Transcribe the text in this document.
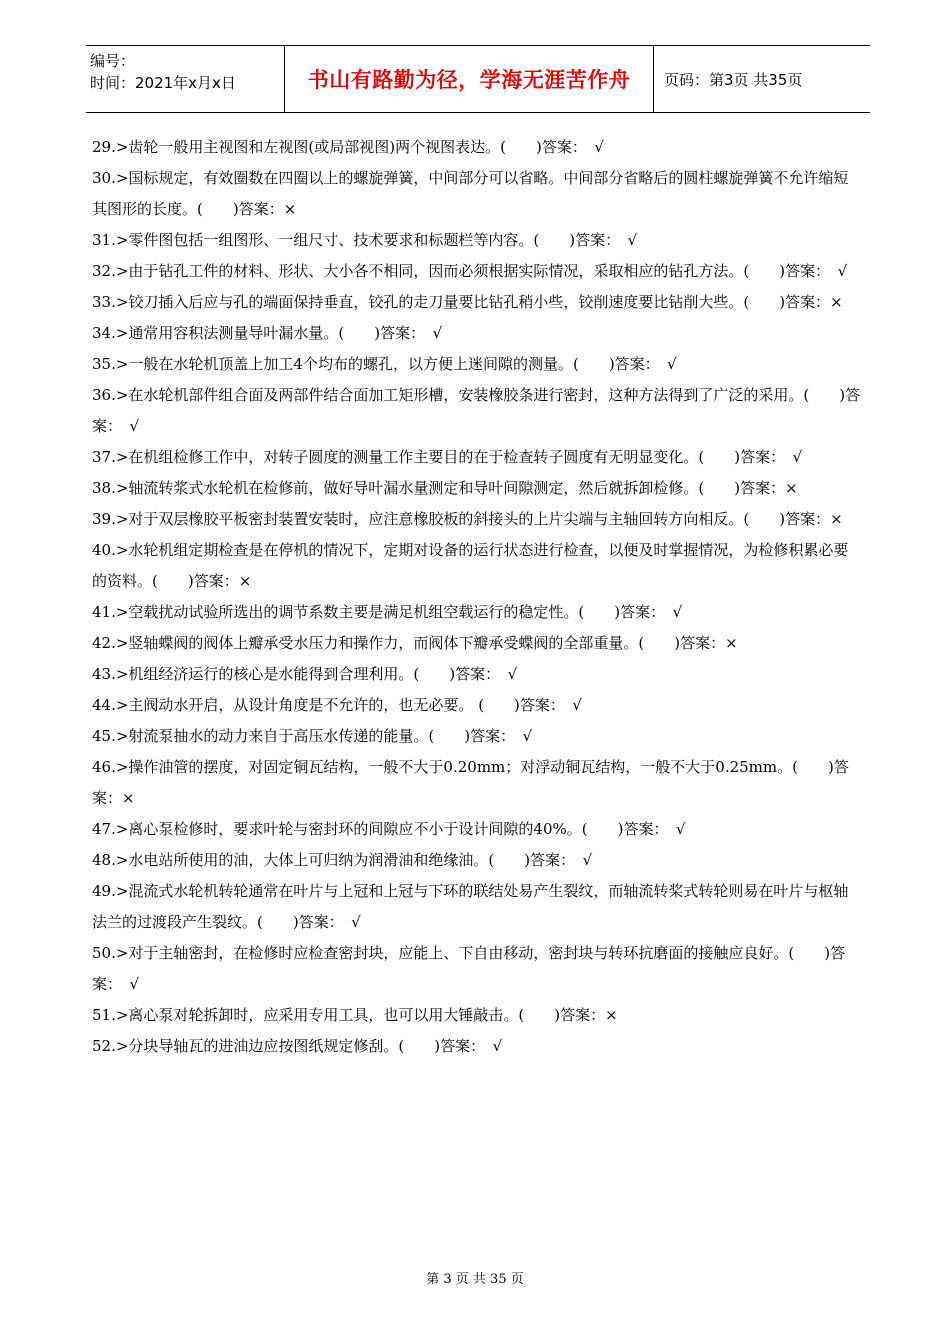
编号：
时间：2021年x月x日	书山有路勤为径，学海无涯苦作舟	页码：第3页 共35页

29.>齿轮一般用主视图和左视图(或局部视图)两个视图表达。(　　)答案：　√

30.>国标规定，有效圈数在四圈以上的螺旋弹簧，中间部分可以省略。中间部分省略后的圆柱螺旋弹簧不允许缩短其图形的长度。(　　)答案：×

31.>零件图包括一组图形、一组尺寸、技术要求和标题栏等内容。(　　)答案：　√

32.>由于钻孔工件的材料、形状、大小各不相同，因而必须根据实际情况，采取相应的钻孔方法。(　　)答案：　√

33.>铰刀插入后应与孔的端面保持垂直，铰孔的走刀量要比钻孔稍小些，铰削速度要比钻削大些。(　　)答案：×

34.>通常用容积法测量导叶漏水量。(　　)答案：　√

35.>一般在水轮机顶盖上加工4个均布的螺孔，以方便上迷间隙的测量。(　　)答案：　√

36.>在水轮机部件组合面及两部件结合面加工矩形槽，安装橡胶条进行密封，这种方法得到了广泛的采用。(　　)答案：　√

37.>在机组检修工作中，对转子圆度的测量工作主要目的在于检查转子圆度有无明显变化。(　　)答案：　√

38.>轴流转浆式水轮机在检修前，做好导叶漏水量测定和导叶间隙测定，然后就拆卸检修。(　　)答案：×

39.>对于双层橡胶平板密封装置安装时，应注意橡胶板的斜接头的上片尖端与主轴回转方向相反。(　　)答案：×

40.>水轮机组定期检查是在停机的情况下，定期对设备的运行状态进行检查，以便及时掌握情况，为检修积累必要的资料。(　　)答案：×

41.>空载扰动试验所选出的调节系数主要是满足机组空载运行的稳定性。(　　)答案：　√

42.>竖轴蝶阀的阀体上瓣承受水压力和操作力，而阀体下瓣承受蝶阀的全部重量。(　　)答案：×

43.>机组经济运行的核心是水能得到合理利用。(　　)答案：　√

44.>主阀动水开启，从设计角度是不允许的，也无必要。 (　　)答案：　√

45.>射流泵抽水的动力来自于高压水传递的能量。(　　)答案：　√

46.>操作油管的摆度，对固定铜瓦结构，一般不大于0.20mm；对浮动铜瓦结构，一般不大于0.25mm。(　　)答案：×

47.>离心泵检修时，要求叶轮与密封环的间隙应不小于设计间隙的40%。(　　)答案：　√

48.>水电站所使用的油，大体上可归纳为润滑油和绝缘油。(　　)答案：　√

49.>混流式水轮机转轮通常在叶片与上冠和上冠与下环的联结处易产生裂纹，而轴流转桨式转轮则易在叶片与枢轴法兰的过渡段产生裂纹。(　　)答案：　√

50.>对于主轴密封，在检修时应检查密封块，应能上、下自由移动，密封块与转环抗磨面的接触应良好。(　　)答案：　√

51.>离心泵对轮拆卸时，应采用专用工具，也可以用大锤敲击。(　　)答案：×

52.>分块导轴瓦的进油边应按图纸规定修刮。(　　)答案：　√

第 3 页 共 35 页
